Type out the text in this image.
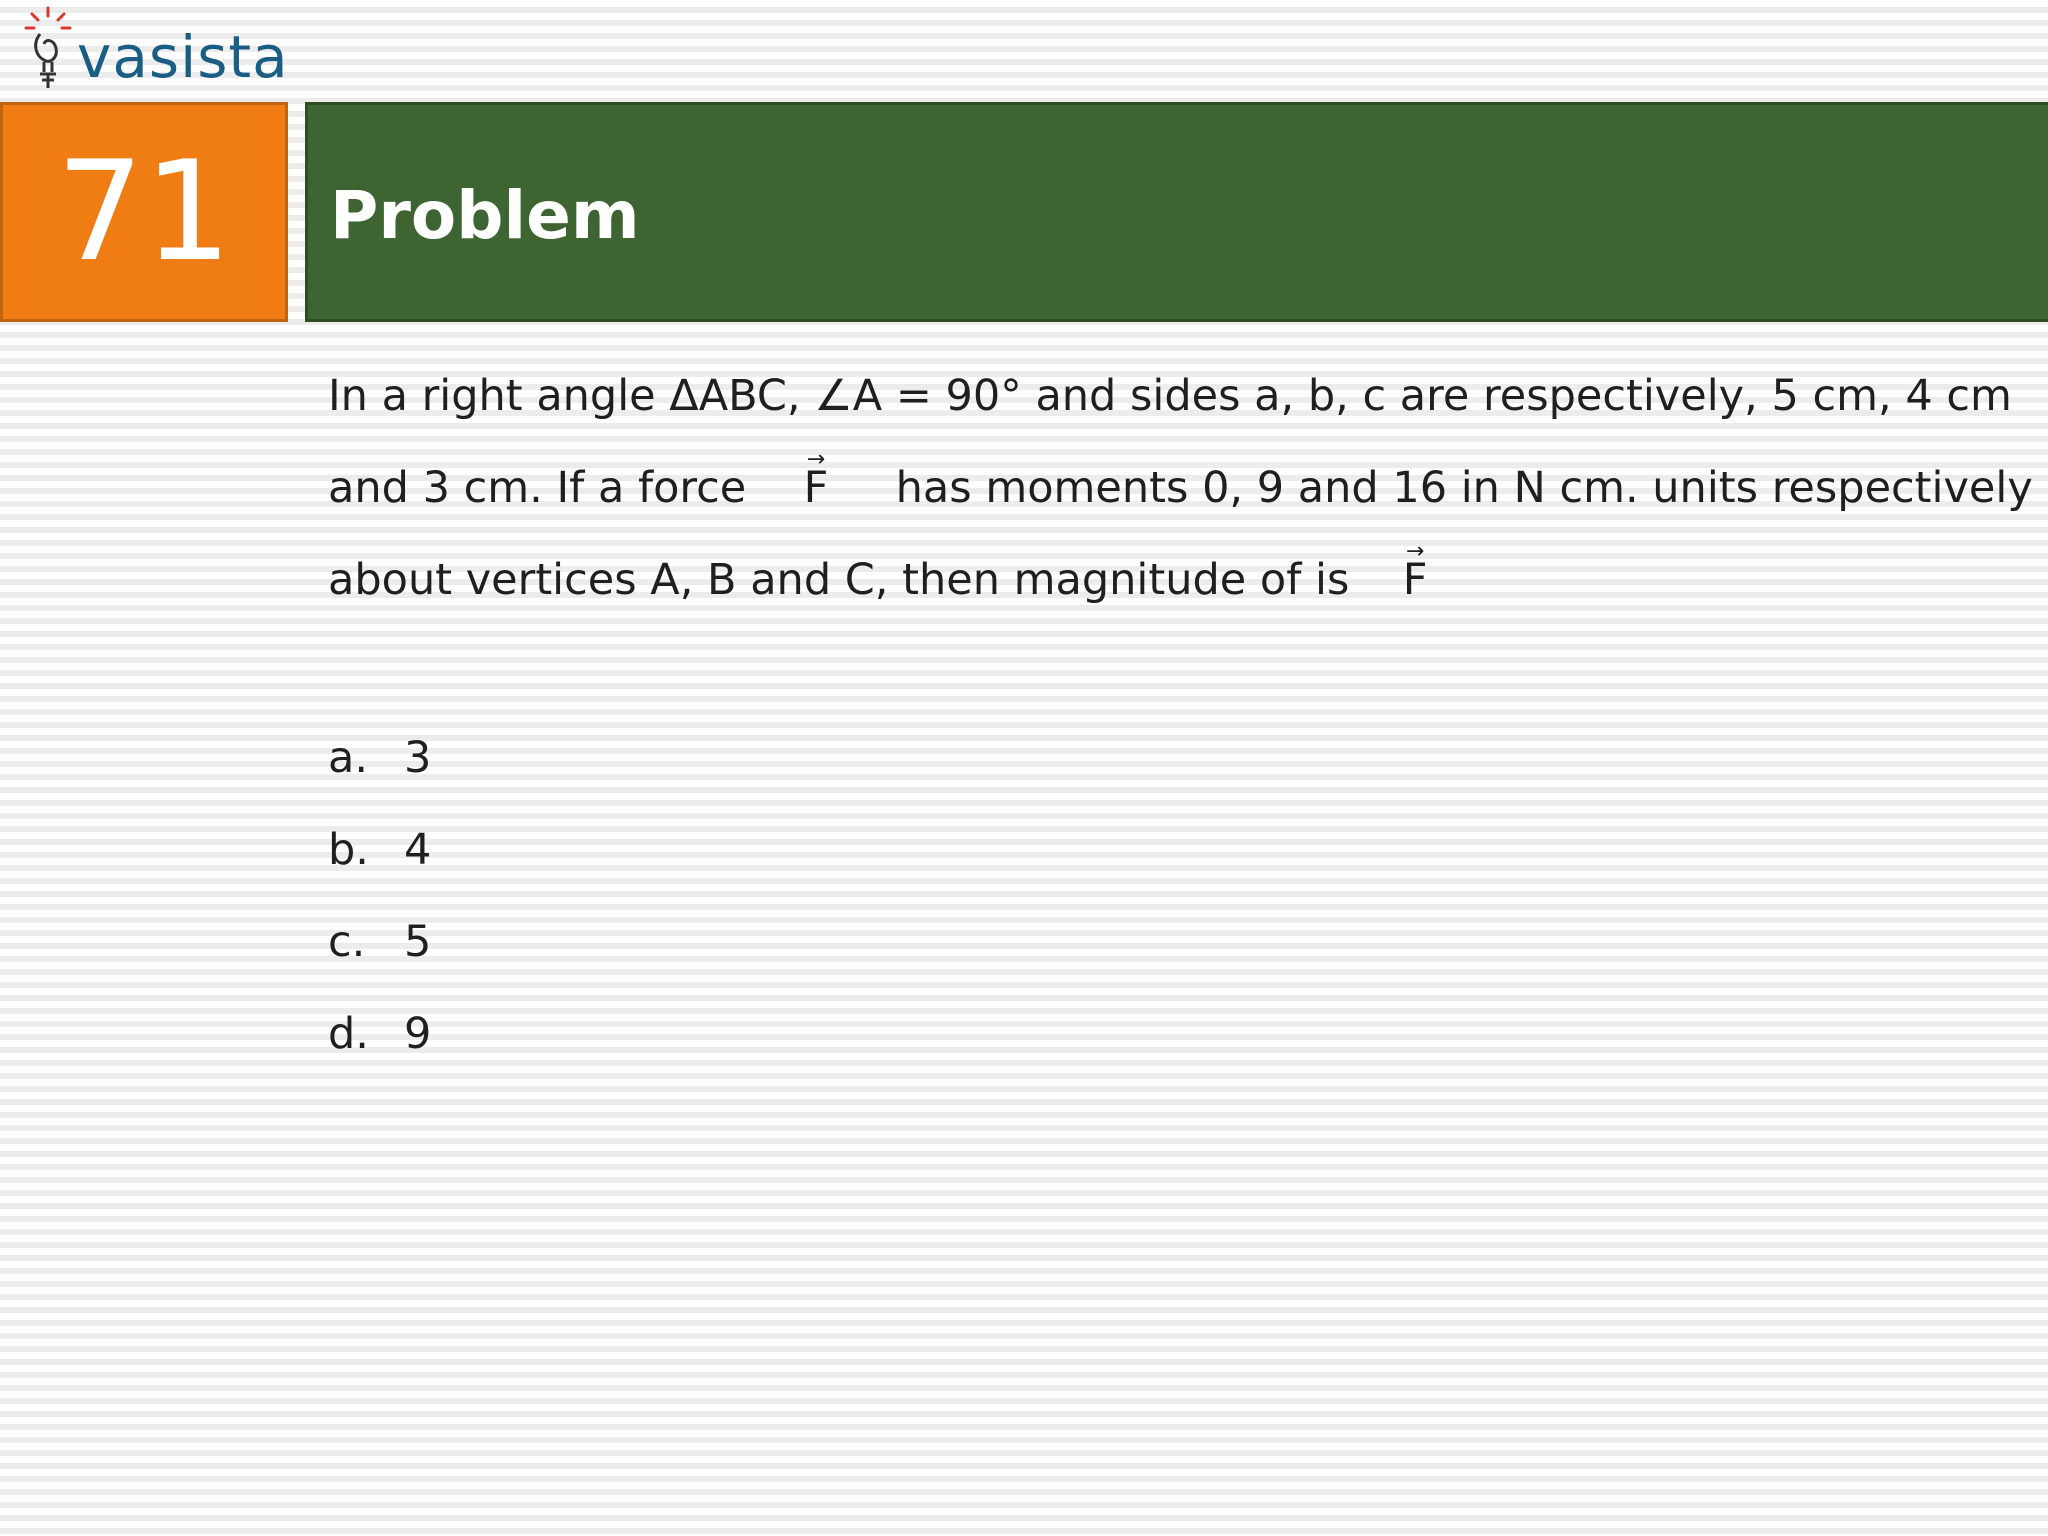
vasista
71 Problem
In a right angle ΔABC, ∠A = 90° and sides a, b, c are respectively, 5 cm, 4 cm
and 3 cm. If a force → F has moments 0, 9 and 16 in N cm. units respectively
about vertices A, B and C, then magnitude of is → F
a. 3
b. 4
c. 5
d. 9
